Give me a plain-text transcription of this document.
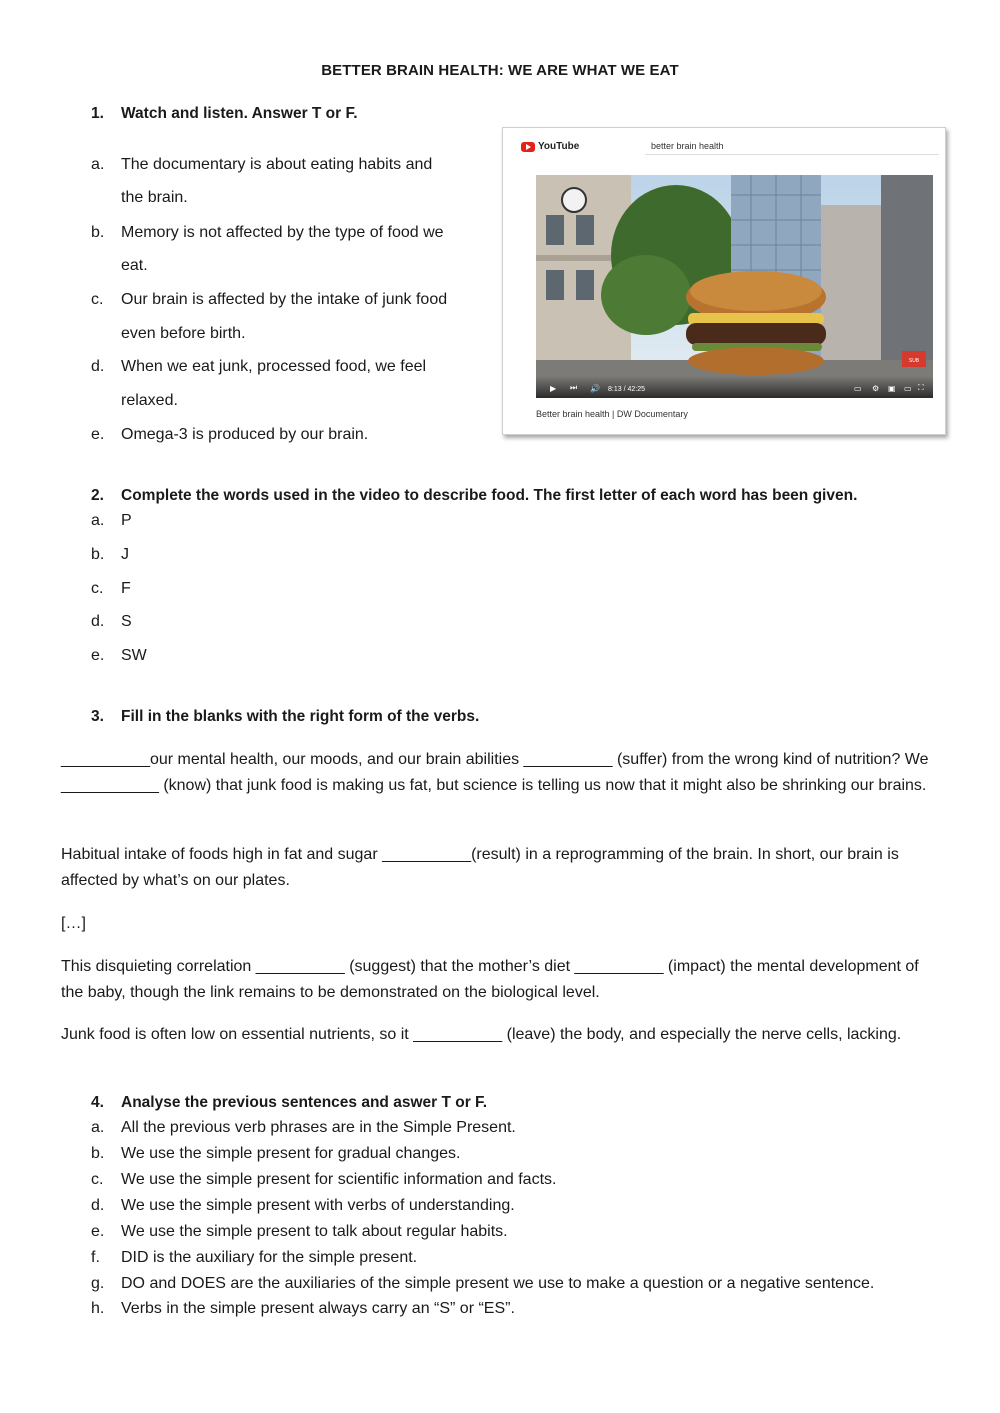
BETTER BRAIN HEALTH: WE ARE WHAT WE EAT
1. Watch and listen. Answer T or F.
a. The documentary is about eating habits and
the brain.
b. Memory is not affected by the type of food we
eat.
c. Our brain is affected by the intake of junk food
even before birth.
d. When we eat junk, processed food, we feel
relaxed.
e. Omega-3 is produced by our brain.
YouTube	better brain health
SUB
▶ ⏭ 🔊 8:13 / 42:25	▭ ⚙ ▣ ▭ ⛶
Better brain health | DW Documentary
2. Complete the words used in the video to describe food. The first letter of each word has been given.
a. P
b. J
c. F
d. S
e. SW
3. Fill in the blanks with the right form of the verbs.
__________our mental health, our moods, and our brain abilities __________ (suffer) from the wrong kind of nutrition? We ___________ (know) that junk food is making us fat, but science is telling us now that it might also be shrinking our brains.
Habitual intake of foods high in fat and sugar __________(result) in a reprogramming of the brain. In short, our brain is affected by what’s on our plates.
[…]
This disquieting correlation __________ (suggest) that the mother’s diet __________ (impact) the mental development of the baby, though the link remains to be demonstrated on the biological level.
Junk food is often low on essential nutrients, so it __________ (leave) the body, and especially the nerve cells, lacking.
4. Analyse the previous sentences and aswer T or F.
a. All the previous verb phrases are in the Simple Present.
b. We use the simple present for gradual changes.
c. We use the simple present for scientific information and facts.
d. We use the simple present with verbs of understanding.
e. We use the simple present to talk about regular habits.
f. DID is the auxiliary for the simple present.
g. DO and DOES are the auxiliaries of the simple present we use to make a question or a negative sentence.
h. Verbs in the simple present always carry an “S” or “ES”.
